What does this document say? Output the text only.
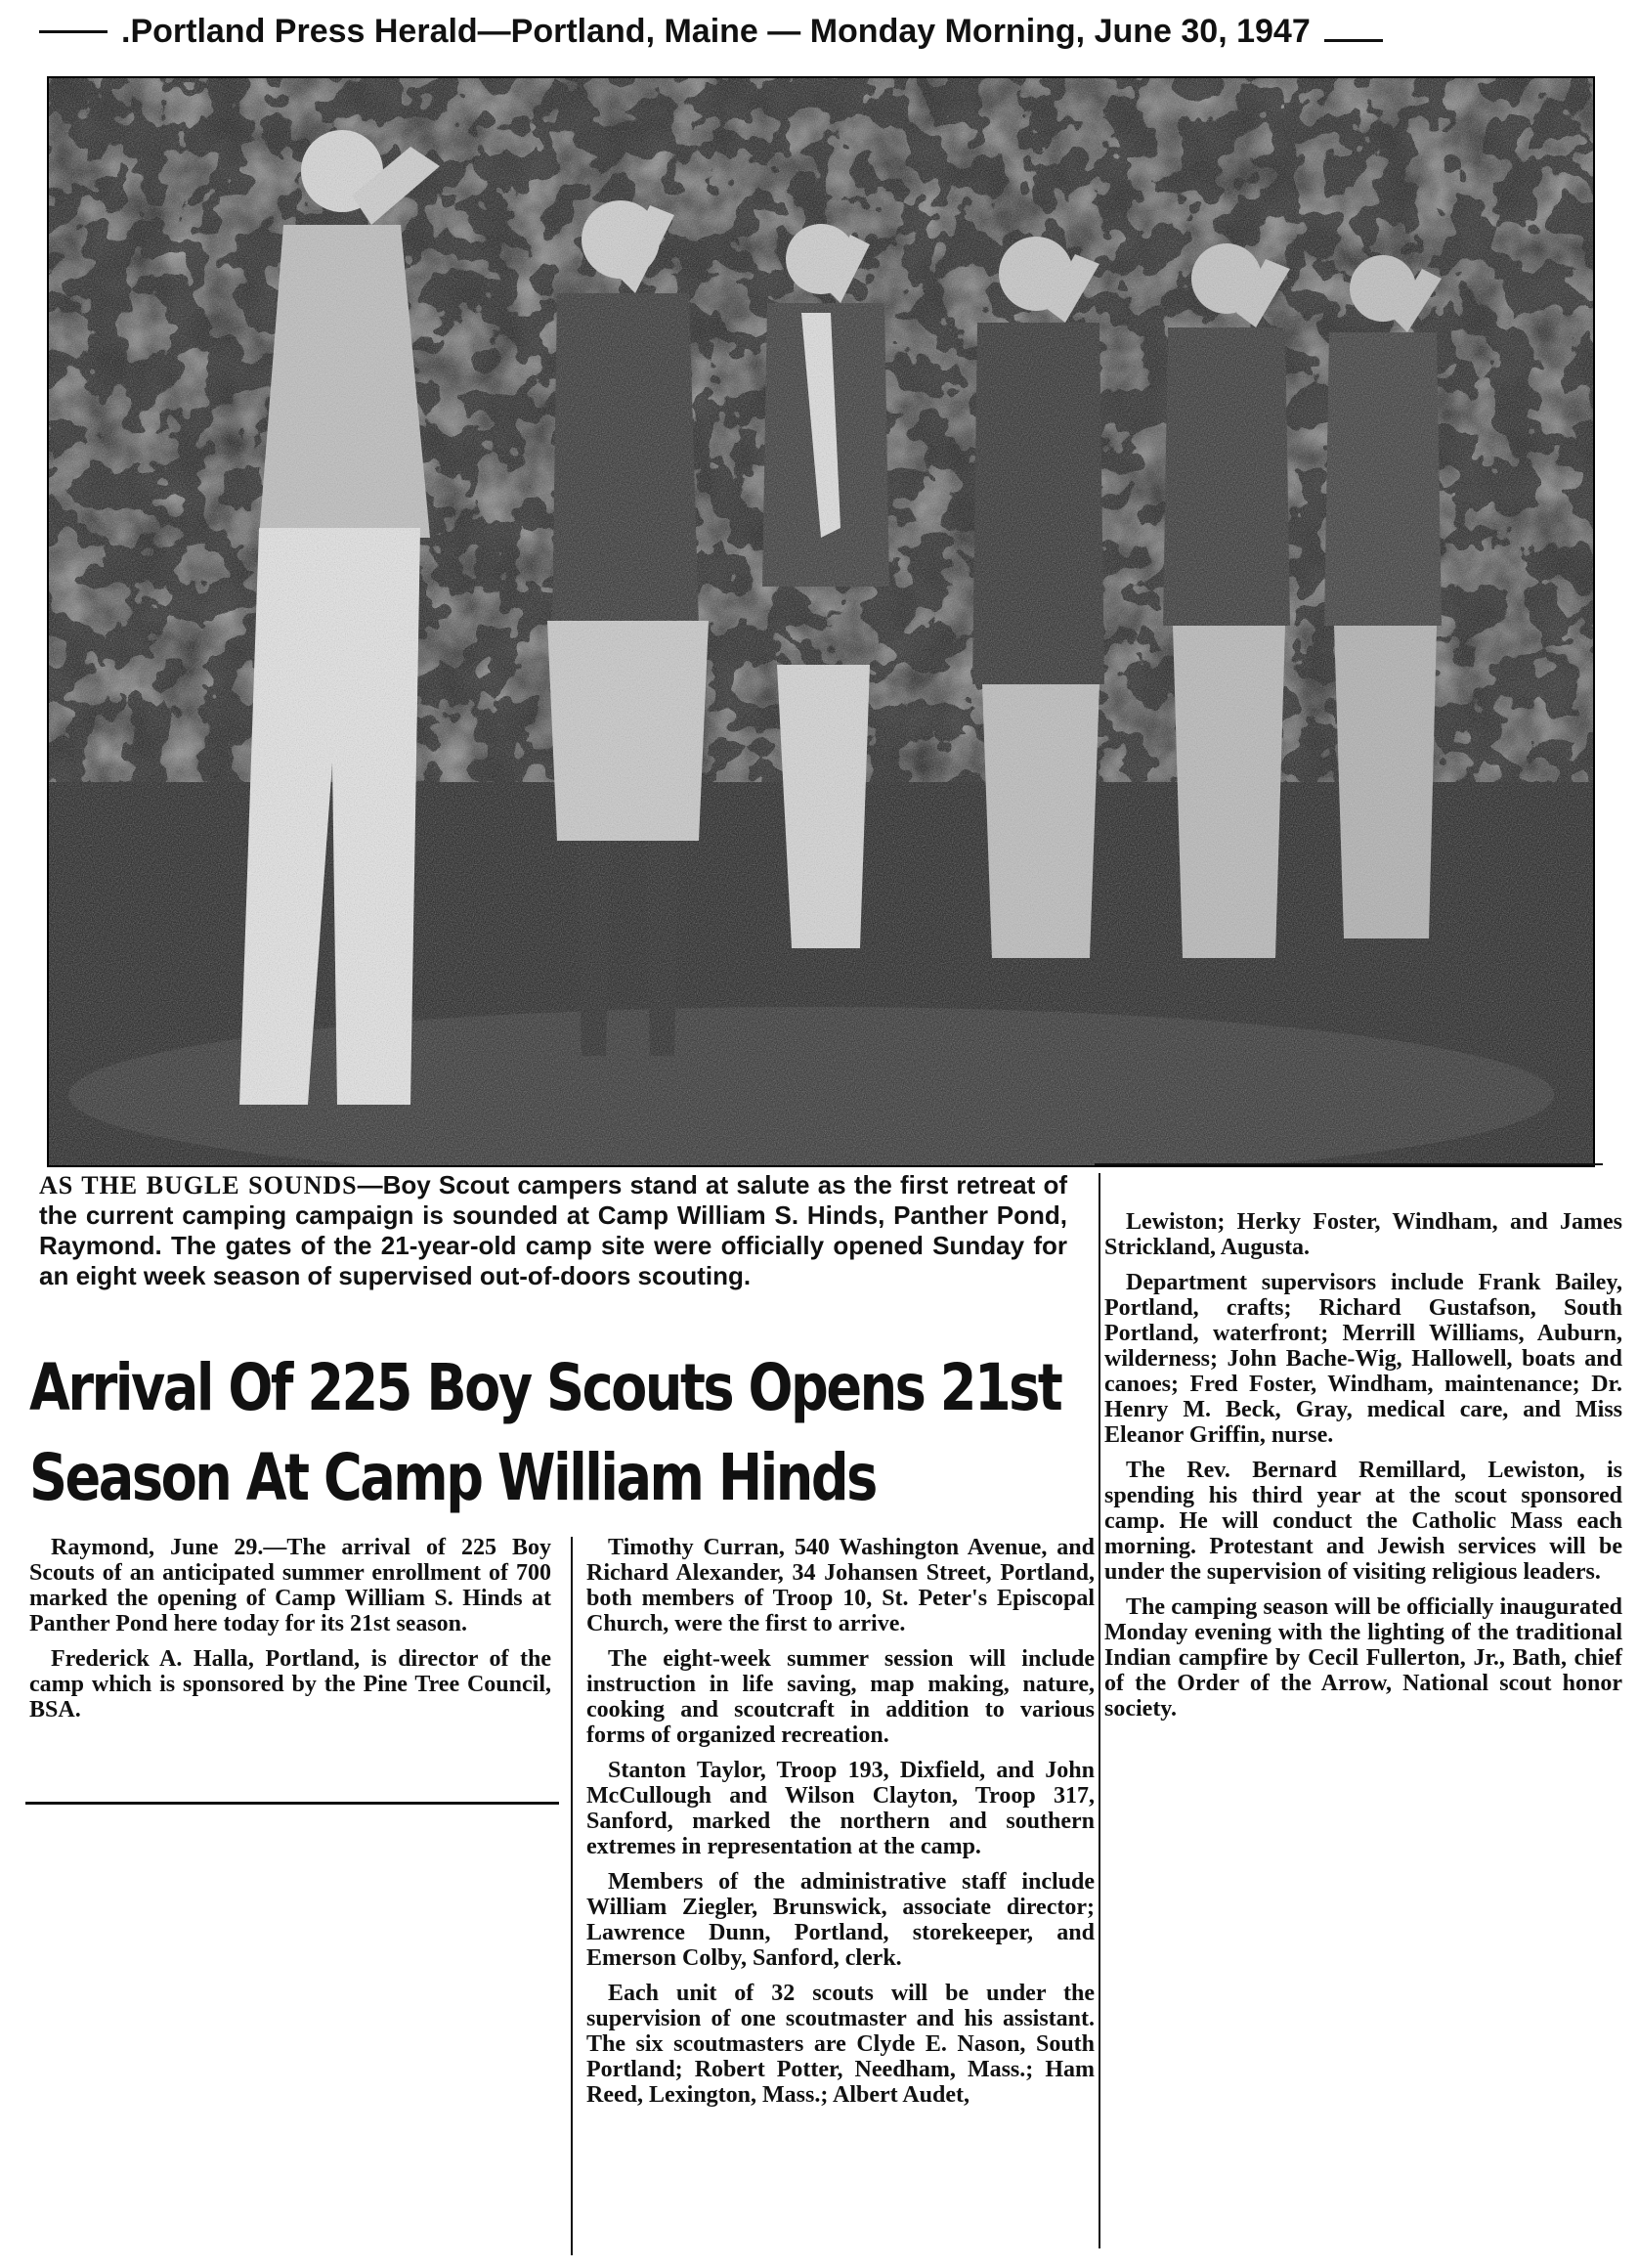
.Portland Press Herald—Portland, Maine — Monday Morning, June 30, 1947
AS THE BUGLE SOUNDS—Boy Scout campers stand at salute as the first retreat of the current camping campaign is sounded at Camp William S. Hinds, Panther Pond, Raymond. The gates of the 21-year-old camp site were officially opened Sunday for an eight week season of supervised out-of-doors scouting.
Arrival Of 225 Boy Scouts Opens 21st Season At Camp William Hinds

Raymond, June 29.—The arrival of 225 Boy Scouts of an anticipated summer enrollment of 700 marked the opening of Camp William S. Hinds at Panther Pond here today for its 21st season.

Frederick A. Halla, Portland, is director of the camp which is sponsored by the Pine Tree Council, BSA.

Timothy Curran, 540 Washington Avenue, and Richard Alexander, 34 Johansen Street, Portland, both members of Troop 10, St. Peter's Episcopal Church, were the first to arrive.

The eight-week summer session will include instruction in life saving, map making, nature, cooking and scoutcraft in addition to various forms of organized recreation.

Stanton Taylor, Troop 193, Dixfield, and John McCullough and Wilson Clayton, Troop 317, Sanford, marked the northern and southern extremes in representation at the camp.

Members of the administrative staff include William Ziegler, Brunswick, associate director; Lawrence Dunn, Portland, storekeeper, and Emerson Colby, Sanford, clerk.

Each unit of 32 scouts will be under the supervision of one scoutmaster and his assistant. The six scoutmasters are Clyde E. Nason, South Portland; Robert Potter, Needham, Mass.; Ham Reed, Lexington, Mass.; Albert Audet,

Lewiston; Herky Foster, Windham, and James Strickland, Augusta.

Department supervisors include Frank Bailey, Portland, crafts; Richard Gustafson, South Portland, waterfront; Merrill Williams, Auburn, wilderness; John Bache-Wig, Hallowell, boats and canoes; Fred Foster, Windham, maintenance; Dr. Henry M. Beck, Gray, medical care, and Miss Eleanor Griffin, nurse.

The Rev. Bernard Remillard, Lewiston, is spending his third year at the scout sponsored camp. He will conduct the Catholic Mass each morning. Protestant and Jewish services will be under the supervision of visiting religious leaders.

The camping season will be officially inaugurated Monday evening with the lighting of the traditional Indian campfire by Cecil Fullerton, Jr., Bath, chief of the Order of the Arrow, National scout honor society.
